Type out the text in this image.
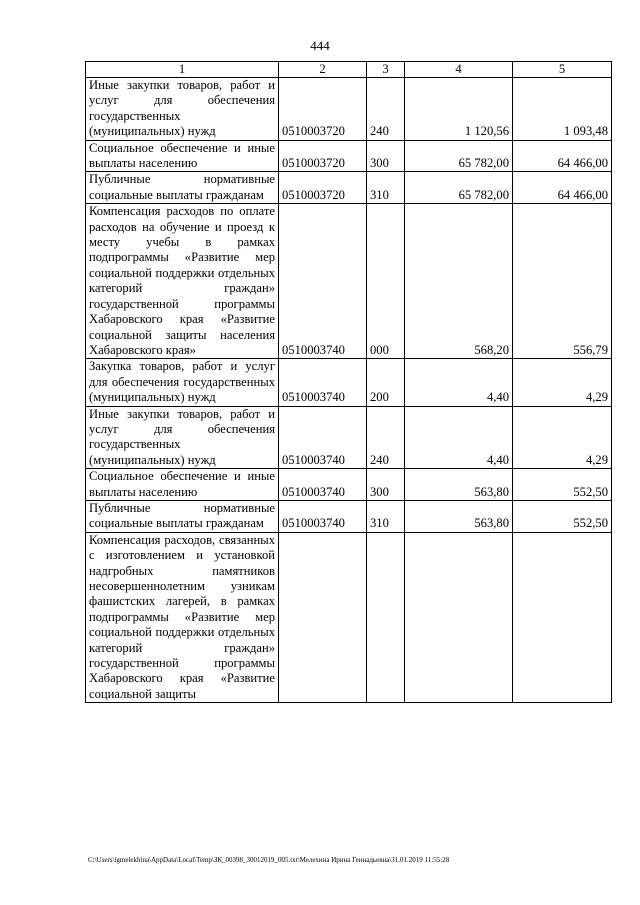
444
1	2	3	4	5
Иные закупки товаров, работ и услуг для обеспечения государственных (муниципальных) нужд	0510003720	240	1 120,56	1 093,48
Социальное обеспечение и иные выплаты населению	0510003720	300	65 782,00	64 466,00
Публичные нормативные социальные выплаты гражданам	0510003720	310	65 782,00	64 466,00
Компенсация расходов по оплате расходов на обучение и проезд к месту учебы в рамках подпрограммы «Развитие мер социальной поддержки отдельных категорий граждан» государственной программы Хабаровского края «Развитие социальной защиты населения Хабаровского края»	0510003740	000	568,20	556,79
Закупка товаров, работ и услуг для обеспечения государственных (муниципальных) нужд	0510003740	200	4,40	4,29
Иные закупки товаров, работ и услуг для обеспечения государственных (муниципальных) нужд	0510003740	240	4,40	4,29
Социальное обеспечение и иные выплаты населению	0510003740	300	563,80	552,50
Публичные нормативные социальные выплаты гражданам	0510003740	310	563,80	552,50
Компенсация расходов, связанных с изготовлением и установкой надгробных памятников несовершеннолетним узникам фашистских лагерей, в рамках подпрограммы «Развитие мер социальной поддержки отдельных категорий граждан» государственной программы Хабаровского края «Развитие социальной защиты				
C:\Users\igmelekhina\AppData\Local\Temp\ЗК_00398_30012019_005.txt\Мелехина Ирина Геннадьевна\31.01.2019 11:55:28
